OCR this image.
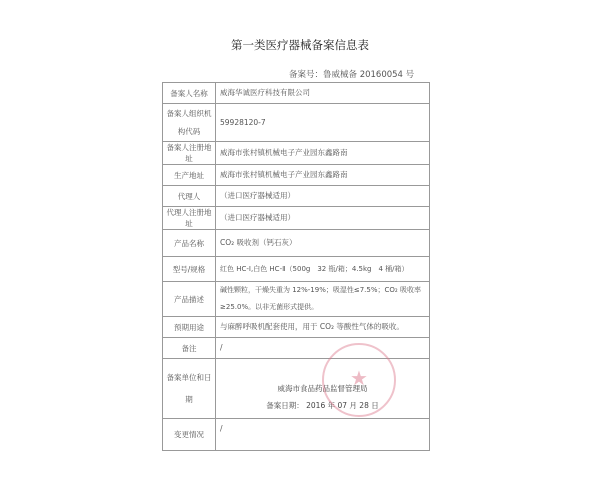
第一类医疗器械备案信息表
备案号：鲁威械备 20160054 号
备案人名称	威海华诚医疗科技有限公司
备案人组织机构代码	59928120-7
备案人注册地址	威海市张村镇机械电子产业园东鑫路南
生产地址	威海市张村镇机械电子产业园东鑫路南
代理人	（进口医疗器械适用）
代理人注册地址	（进口医疗器械适用）
产品名称	CO₂ 吸收剂（钙石灰）
型号/规格	红色 HC-Ⅰ,白色 HC-Ⅱ（500g　32 瓶/箱；4.5kg　4 桶/箱）
产品描述	碱性颗粒，干燥失重为 12%-19%；吸湿性≤7.5%；CO₂ 吸收率≥25.0%。以非无菌形式提供。
预期用途	与麻醉呼吸机配套使用，用于 CO₂ 等酸性气体的吸收。
备注	/
备案单位和日期	威海市食品药品监督管理局
备案日期： 2016 年 07 月 28 日

变更情况	/
★
